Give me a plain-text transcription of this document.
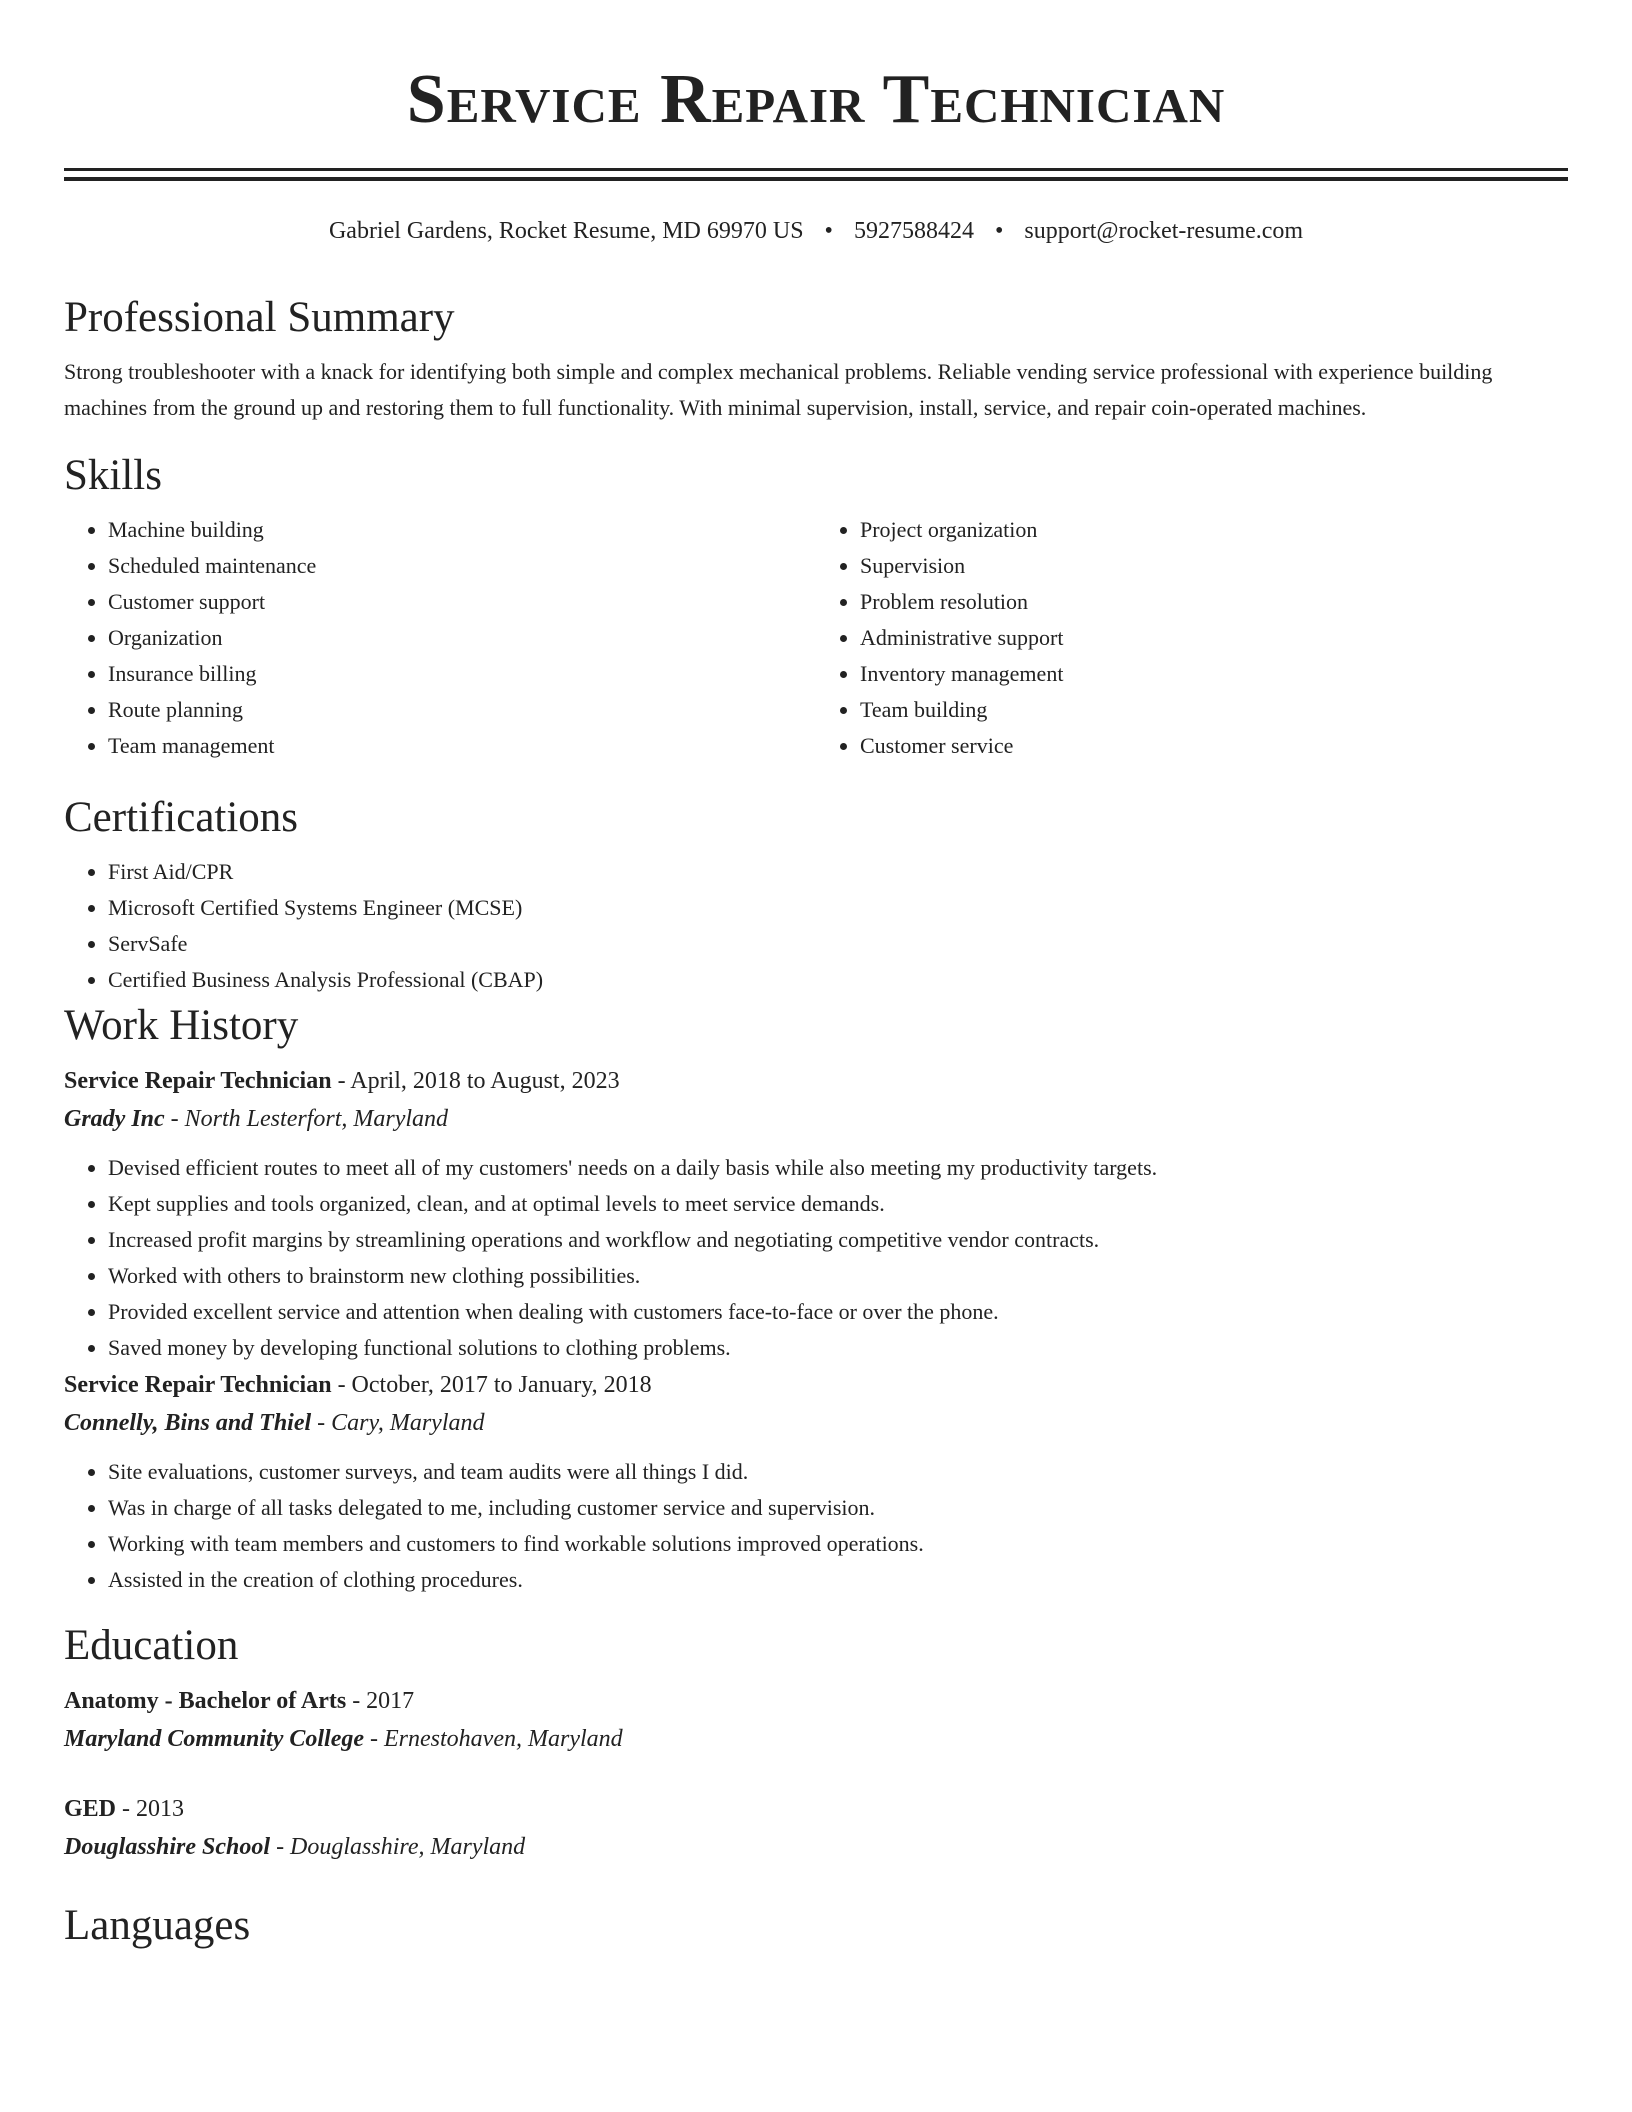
Service Repair Technician
Gabriel Gardens, Rocket Resume, MD 69970 US • 5927588424 • support@rocket-resume.com
Professional Summary

Strong troubleshooter with a knack for identifying both simple and complex mechanical problems. Reliable vending service professional with experience building machines from the ground up and restoring them to full functionality. With minimal supervision, install, service, and repair coin-operated machines.

Skills
• Machine building
• Scheduled maintenance
• Customer support
• Organization
• Insurance billing
• Route planning
• Team management
• Project organization
• Supervision
• Problem resolution
• Administrative support
• Inventory management
• Team building
• Customer service
Certifications
• First Aid/CPR
• Microsoft Certified Systems Engineer (MCSE)
• ServSafe
• Certified Business Analysis Professional (CBAP)
Work History

Service Repair Technician - April, 2018 to August, 2023

Grady Inc - North Lesterfort, Maryland

• Devised efficient routes to meet all of my customers' needs on a daily basis while also meeting my productivity targets.
• Kept supplies and tools organized, clean, and at optimal levels to meet service demands.
• Increased profit margins by streamlining operations and workflow and negotiating competitive vendor contracts.
• Worked with others to brainstorm new clothing possibilities.
• Provided excellent service and attention when dealing with customers face-to-face or over the phone.
• Saved money by developing functional solutions to clothing problems.

Service Repair Technician - October, 2017 to January, 2018

Connelly, Bins and Thiel - Cary, Maryland

• Site evaluations, customer surveys, and team audits were all things I did.
• Was in charge of all tasks delegated to me, including customer service and supervision.
• Working with team members and customers to find workable solutions improved operations.
• Assisted in the creation of clothing procedures.
Education

Anatomy - Bachelor of Arts - 2017

Maryland Community College - Ernestohaven, Maryland

GED - 2013

Douglasshire School - Douglasshire, Maryland

Languages
